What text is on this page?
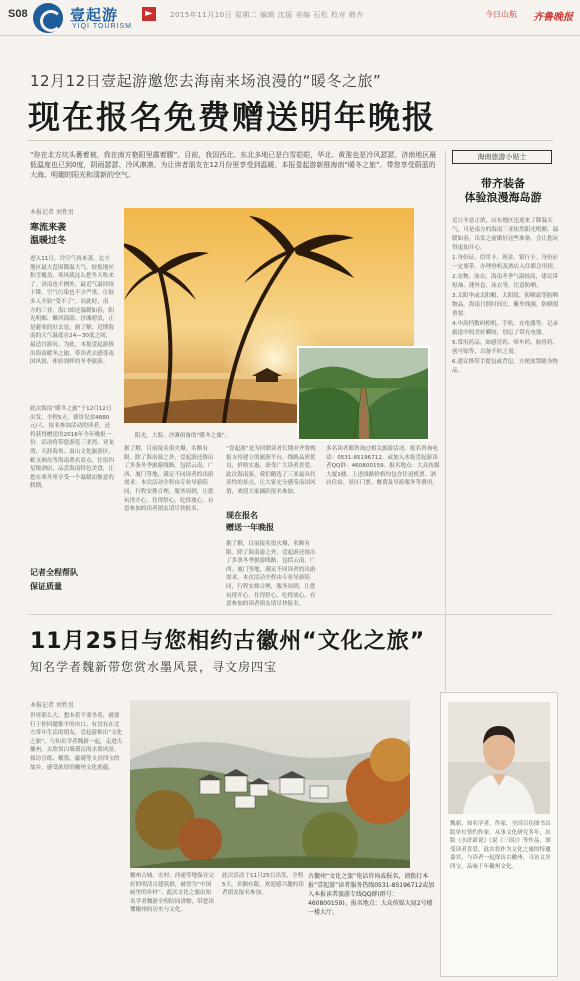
S08	壹起游
YIQI TOURISM
►	2015年11月10日 星期二 编辑 沈振 美编 石松 校对 韩卉	今日山航 齐鲁晚报
12月12日壹起游邀您去海南来场浪漫的“暖冬之旅”
现在报名免费赠送明年晚报

“你在北方坑头裹着被，我在南方艳阳里露着腰”。目前，我国西北、东北多地已是白雪皑皑，华北、黄淮也是冷风瑟瑟，济南地区最低温度也已到0度，阴雨瑟瑟、冷风凛凛。为让读者朋友在12月份里享受到温暖，本报壹起游新推海南“暖冬之旅”，带您享受蔚蓝的大海、明媚的阳光和清新的空气。

本报记者 刘性男
寒流来袭
温暖过冬
进入11月，冷空气再来袭，北方地区最大范围降温大气，较低地区积雪覆盖，寒风就这么把冬天吹来了。济南也不例外，最近气温持续下降，空气污染也不少严重，让很多人开始“受不了”。而此时，南方的三亚、海口却还温暖如春，阳光明媚、椰风海韵、沙滩碧浪，正是避寒的好去处。据了解，近期海南的天气温度在24—30度之间，最适宜游玩。为此，本报壹起游推出海南暖冬之旅，带读者去感受南国风情，体验别样的冬季旅游。
此次海南“暖冬之旅”于12月12日出发，全程5天，费用仅需4880元/人。报名参加活动的读者，还将获得赠送的2016年全年晚报一份。活动将带您游览三亚湾、亚龙湾、天涯海角、南山文化旅游区、蜈支洲岛等海南著名景点，住宿四星级酒店，品尝海南特色美食，让您在寒冬里享受一个温暖而惬意的假期。
记者全程帮队
保证质量
阳光、大海、沙滩俱备的“暖冬之旅”。
据了解，目前报名很火爆，名额有限。除了海南游之外，壹起游还推出了多条冬季旅游线路，包括云南、广西、厦门等地，满足不同读者的出游需求。本次活动全程由专业导游陪同，行程安排合理，服务周到，让您玩得开心、住得舒心、吃得放心。有意参加的读者朋友请尽快报名。
现在报名
赠送一年晚报
“壹起游”是为回馈读者长期对齐鲁晚报支持建立的旅游平台，线路品质优良，价格实惠，深受广大读者喜爱。此次海南游，我们精选了三亚最具代表性的景点，让大家充分感受南国风情，欢迎大家踊跃报名参加。
据了解，目前报名很火爆，名额有限。除了海南游之外，壹起游还推出了多条冬季旅游线路，包括云南、广西、厦门等地，满足不同读者的出游需求。本次活动全程由专业导游陪同，行程安排合理，服务周到，让您玩得开心、住得舒心、吃得放心。有意参加的读者朋友请尽快报名。
多名读者都咨询过相关旅游活动。报名咨询电话：0531-85196712，或加入本报壹起游读者QQ群：460800159。报名地点：大众传媒大厦1楼。上述线路价格均包含往返机票、酒店住宿、景区门票、餐费及导游服务等费用。
海南旅游小贴士
带齐装备
体验浪漫海岛游

近日冬意正浓，山东地区也迎来了降温天气，可是南方的海南三亚依然阳光明媚，温暖如春。出发之前做好这些准备，会让您玩得更加开心。

1.身份证、信用卡、现金、银行卡。身份证一定要带，办理登机及酒店入住都会用到。

2.衣物、泳衣。海南冬季气温较高，建议带短袖、薄外套、泳衣等，注意防晒。

3.太阳伞或太阳帽、太阳镜、防晒霜等防晒物品。海南日照时间长，紫外线强，防晒很重要。

4.中高档数码相机、手机、充电器等。记录旅途中的美好瞬间，别忘了带充电器。

5.常用药品。如感冒药、晕车药、肠胃药、创可贴等，以备不时之需。

6.建议携带手提包或背包，方便放置随身物品。

11月25日与您相约古徽州“文化之旅”
知名学者魏新带您赏水墨风景，寻文房四宝
本报记者 刘性男
世界那么大，想本着不要坐着，就要行于你回题推平的市口。有没有在北方常年生活的朋友，壹起游推出“文化之旅”，与知名学者魏新一起，走进古徽州，去欣赏白墙黛瓦的水墨风景，探访宣纸、徽墨、歙砚等文房四宝的故乡，感受浓厚的徽州文化底蕴。
徽州古城、宏村、西递等地保存完好的明清古建筑群，被誉为“中国画里的乡村”。此次文化之旅由知名学者魏新全程陪同讲解，带您读懂徽州的历史与文化。
此次活动于11月25日出发，全程5天，名额有限，欢迎感兴趣的读者朋友报名参加。
古徽州“文化之旅”电话咨询或报名，请拨打本报“壹起游”读者服务热线0531-85196712或加入本报读者旅游专线QQ群(群号：460800159)。报名地点：大众传媒大厦2号楼一楼大厅。
魏新，知名学者、作家，全国百佳图书出版单位签约作家。从事文化研究多年，出版《水浒新说》《说《三国》》等作品，深受读者喜爱。此次将作为文化之旅的特邀嘉宾，与读者一起探访古徽州，寻访文房四宝，品味千年徽州文化。
